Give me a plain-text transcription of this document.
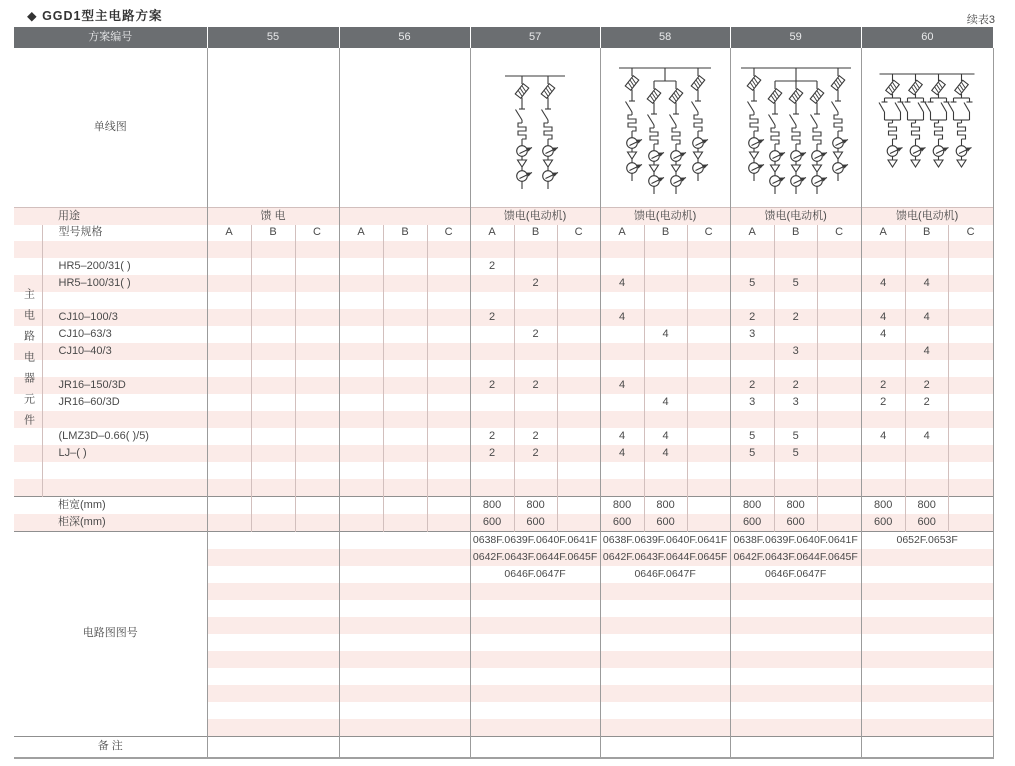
◆ GGD1型主电路方案	续表3
方案编号		55			56			57			58			59			60		
单线图			

用途		馈 电						馈电(电动机)			馈电(电动机)			馈电(电动机)			馈电(电动机)		
主电路电器元件	型号规格	A	B	C	A	B	C	A	B	C	A	B	C	A	B	C	A	B	C

	HR5–200/31( )							2											
	HR5–100/31( )								2		4			5	5		4	4	

	CJ10–100/3							2			4			2	2		4	4	
	CJ10–63/3								2			4		3			4		
	CJ10–40/3														3			4	

	JR16–150/3D							2	2		4			2	2		2	2	
	JR16–60/3D											4		3	3		2	2	

	(LMZ3D–0.66( )/5)							2	2		4	4		5	5		4	4	
	LJ–( )							2	2		4	4		5	5				

柜宽(mm)								800	800		800	800		800	800		800	800	
柜深(mm)								600	600		600	600		600	600		600	600	
电路图图号								0638F.0639F.0640F.0641F			0638F.0639F.0640F.0641F			0638F.0639F.0640F.0641F			0652F.0653F		
								0642F.0643F.0644F.0645F			0642F.0643F.0644F.0645F			0642F.0643F.0644F.0645F					
								0646F.0647F			0646F.0647F			0646F.0647F					

备 注																			
